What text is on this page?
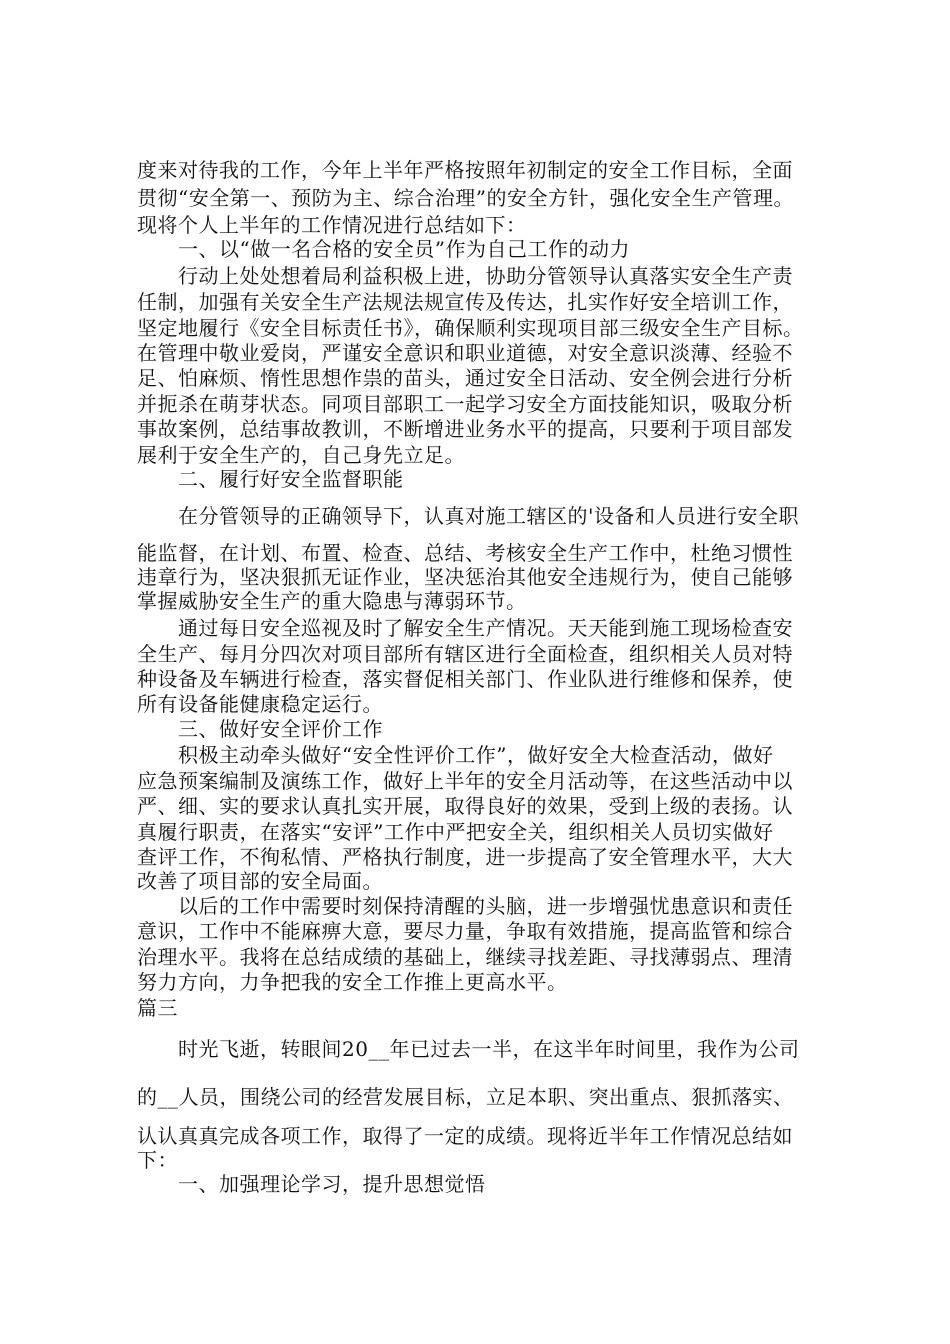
度来对待我的工作，今年上半年严格按照年初制定的安全工作目标，全面
贯彻“安全第一、预防为主、综合治理”的安全方针，强化安全生产管理。
现将个人上半年的工作情况进行总结如下：
一、以“做一名合格的安全员”作为自己工作的动力
行动上处处想着局利益积极上进，协助分管领导认真落实安全生产责
任制，加强有关安全生产法规法规宣传及传达，扎实作好安全培训工作，
坚定地履行《安全目标责任书》，确保顺利实现项目部三级安全生产目标。
在管理中敬业爱岗，严谨安全意识和职业道德，对安全意识淡薄、经验不
足、怕麻烦、惰性思想作祟的苗头，通过安全日活动、安全例会进行分析
并扼杀在萌芽状态。同项目部职工一起学习安全方面技能知识，吸取分析
事故案例，总结事故教训，不断增进业务水平的提高，只要利于项目部发
展利于安全生产的，自己身先立足。
二、履行好安全监督职能
在分管领导的正确领导下，认真对施工辖区的'设备和人员进行安全职
能监督，在计划、布置、检查、总结、考核安全生产工作中，杜绝习惯性
违章行为，坚决狠抓无证作业，坚决惩治其他安全违规行为，使自己能够
掌握威胁安全生产的重大隐患与薄弱环节。
通过每日安全巡视及时了解安全生产情况。天天能到施工现场检查安
全生产、每月分四次对项目部所有辖区进行全面检查，组织相关人员对特
种设备及车辆进行检查，落实督促相关部门、作业队进行维修和保养，使
所有设备能健康稳定运行。
三、做好安全评价工作
积极主动牵头做好“安全性评价工作”，做好安全大检查活动，做好
应急预案编制及演练工作，做好上半年的安全月活动等，在这些活动中以
严、细、实的要求认真扎实开展，取得良好的效果，受到上级的表扬。认
真履行职责，在落实“安评”工作中严把安全关，组织相关人员切实做好
查评工作，不徇私情、严格执行制度，进一步提高了安全管理水平，大大
改善了项目部的安全局面。
以后的工作中需要时刻保持清醒的头脑，进一步增强忧患意识和责任
意识，工作中不能麻痹大意，要尽力量，争取有效措施，提高监管和综合
治理水平。我将在总结成绩的基础上，继续寻找差距、寻找薄弱点、理清
努力方向，力争把我的安全工作推上更高水平。
篇三
时光飞逝，转眼间20__年已过去一半，在这半年时间里，我作为公司
的__人员，围绕公司的经营发展目标，立足本职、突出重点、狠抓落实、
认认真真完成各项工作，取得了一定的成绩。现将近半年工作情况总结如
下：
一、加强理论学习，提升思想觉悟
